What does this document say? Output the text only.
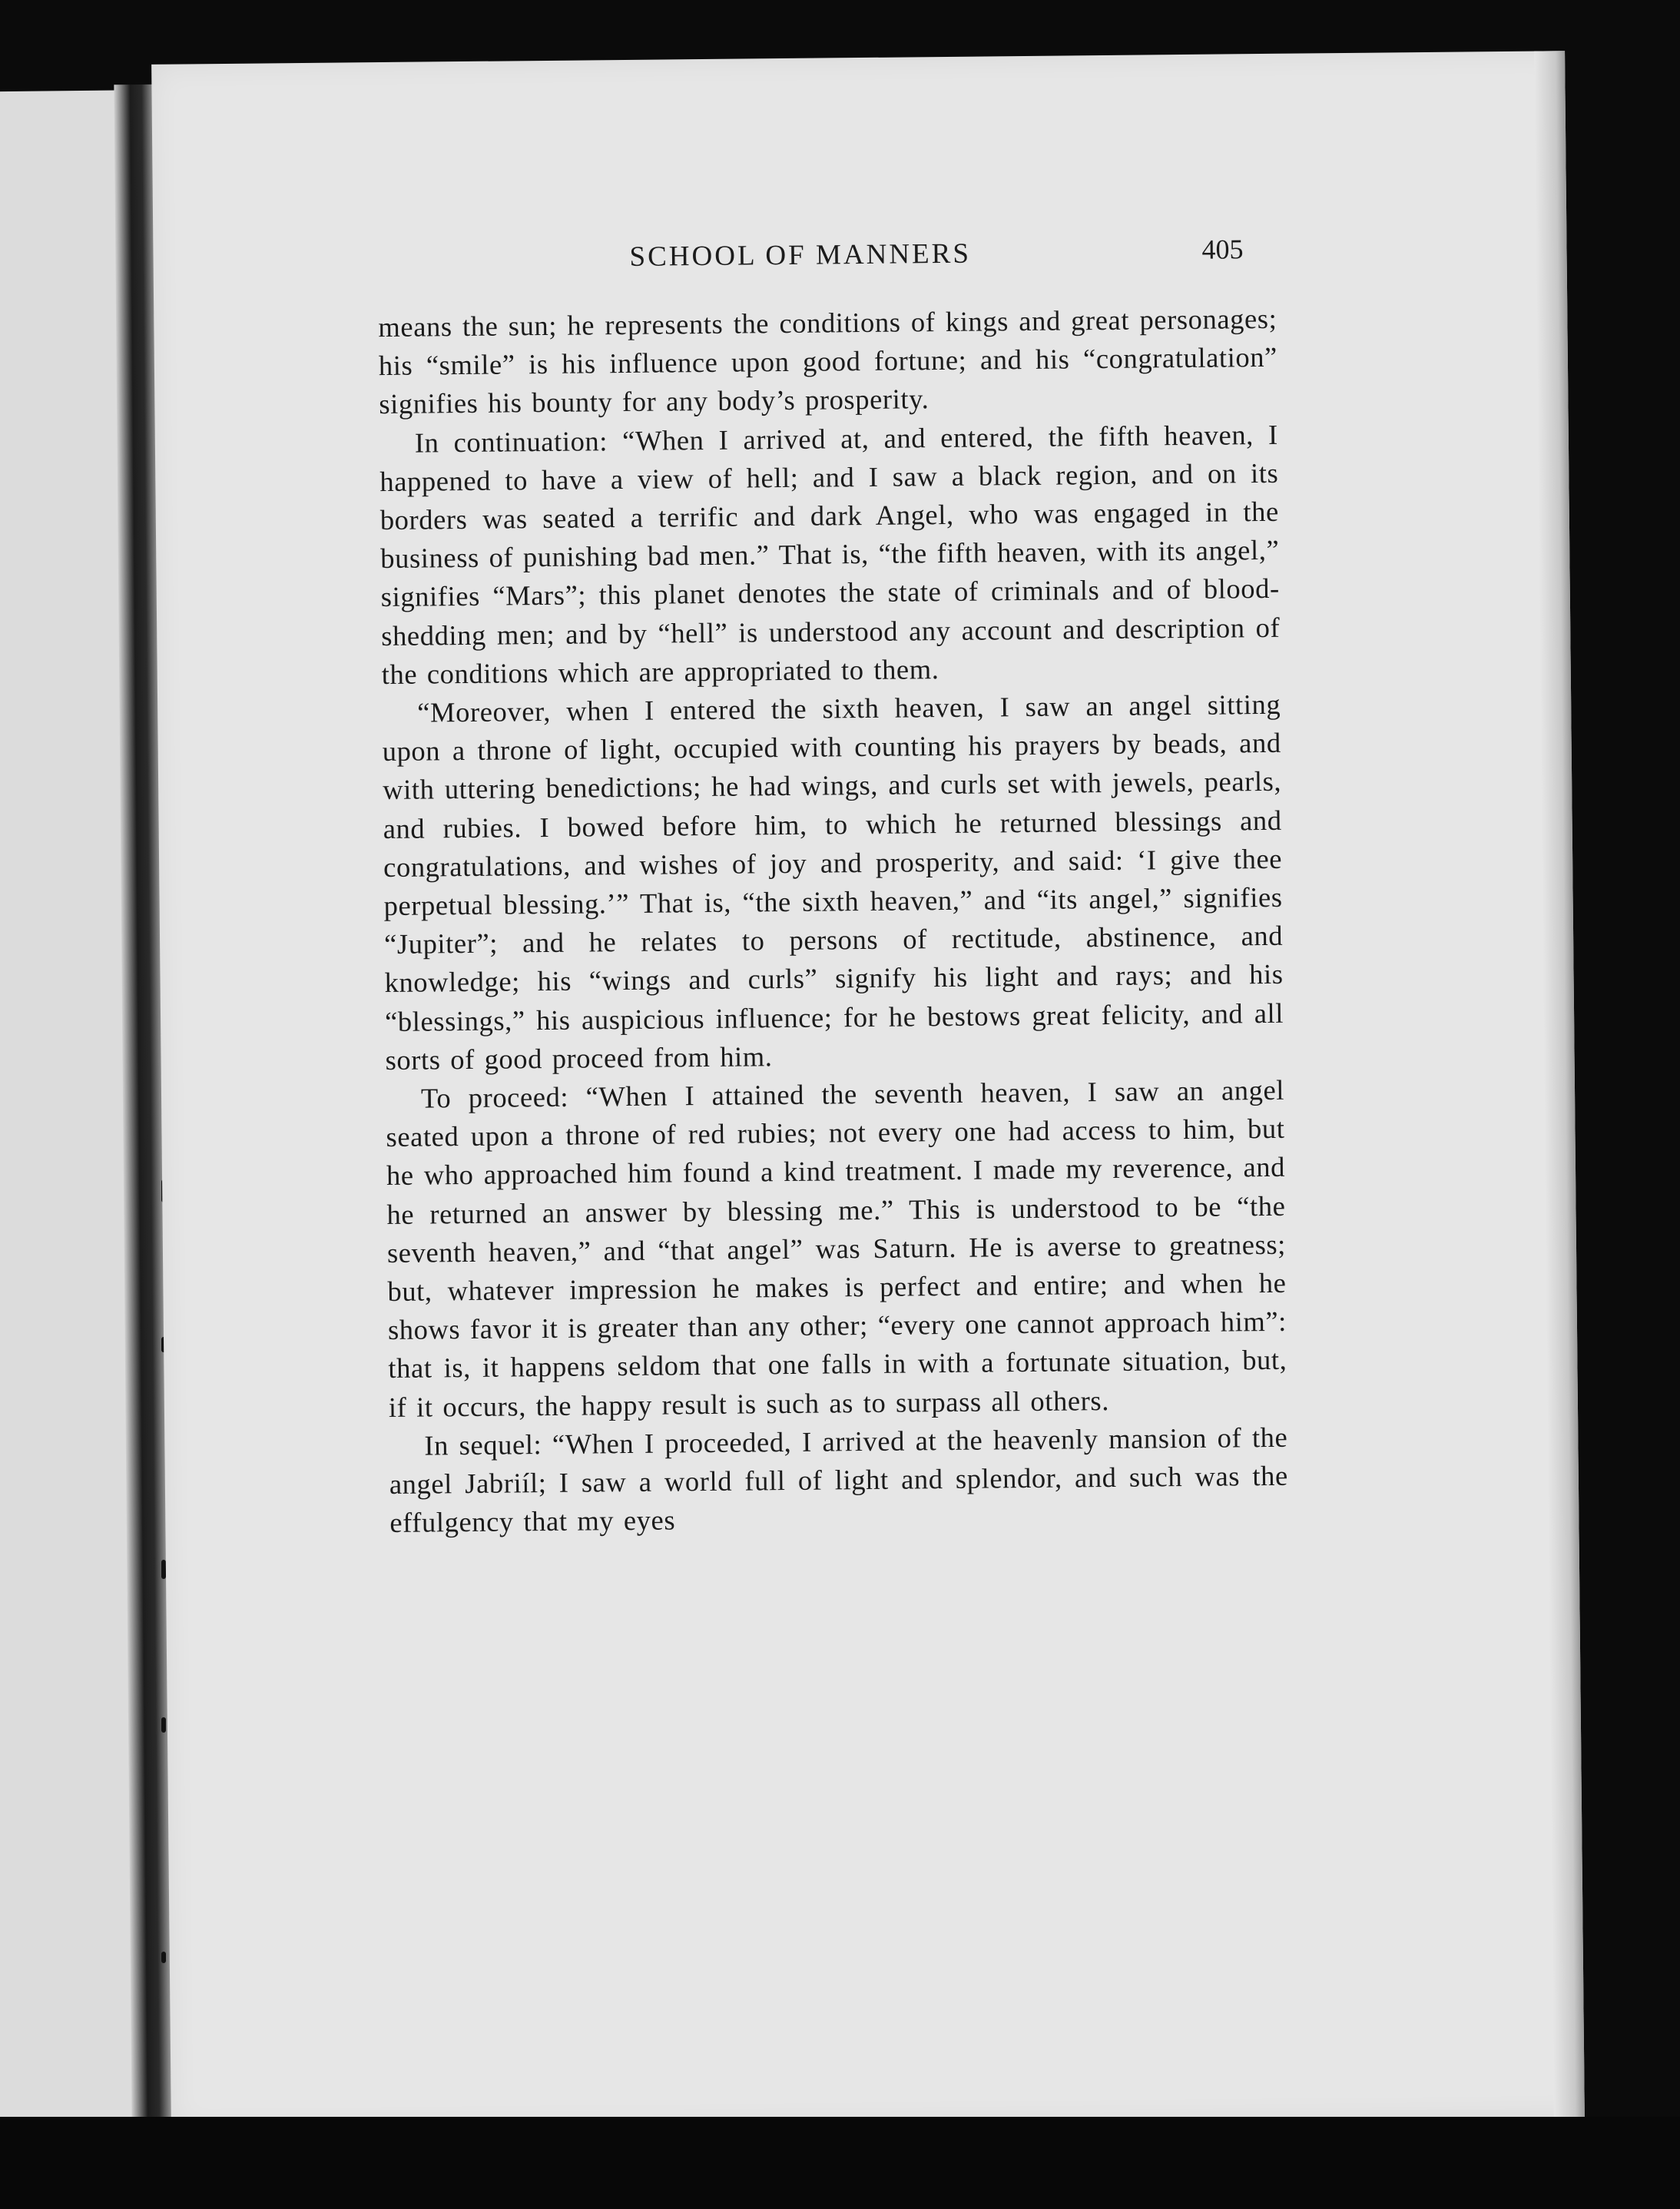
SCHOOL OF MANNERS	405

means the sun; he represents the conditions of kings and great personages; his “smile” is his influence upon good fortune; and his “congratulation” signifies his bounty for any body’s prosperity.

In continuation: “When I arrived at, and entered, the fifth heaven, I happened to have a view of hell; and I saw a black region, and on its borders was seated a terrific and dark Angel, who was engaged in the business of punishing bad men.” That is, “the fifth heaven, with its angel,” signifies “Mars”; this planet denotes the state of criminals and of blood-shedding men; and by “hell” is understood any account and description of the conditions which are appropriated to them.

“Moreover, when I entered the sixth heaven, I saw an angel sitting upon a throne of light, occupied with counting his prayers by beads, and with uttering benedictions; he had wings, and curls set with jewels, pearls, and rubies. I bowed before him, to which he returned blessings and congratulations, and wishes of joy and prosperity, and said: ‘I give thee perpetual blessing.’” That is, “the sixth heaven,” and “its angel,” signifies “Jupiter”; and he relates to persons of rectitude, abstinence, and knowledge; his “wings and curls” signify his light and rays; and his “blessings,” his auspicious influence; for he bestows great felicity, and all sorts of good proceed from him.

To proceed: “When I attained the seventh heaven, I saw an angel seated upon a throne of red rubies; not every one had access to him, but he who approached him found a kind treatment. I made my reverence, and he returned an answer by blessing me.” This is understood to be “the seventh heaven,” and “that angel” was Saturn. He is averse to greatness; but, whatever impression he makes is perfect and entire; and when he shows favor it is greater than any other; “every one cannot approach him”: that is, it happens seldom that one falls in with a fortunate situation, but, if it occurs, the happy result is such as to surpass all others.

In sequel: “When I proceeded, I arrived at the heavenly mansion of the angel Jabriíl; I saw a world full of light and splendor, and such was the effulgency that my eyes
